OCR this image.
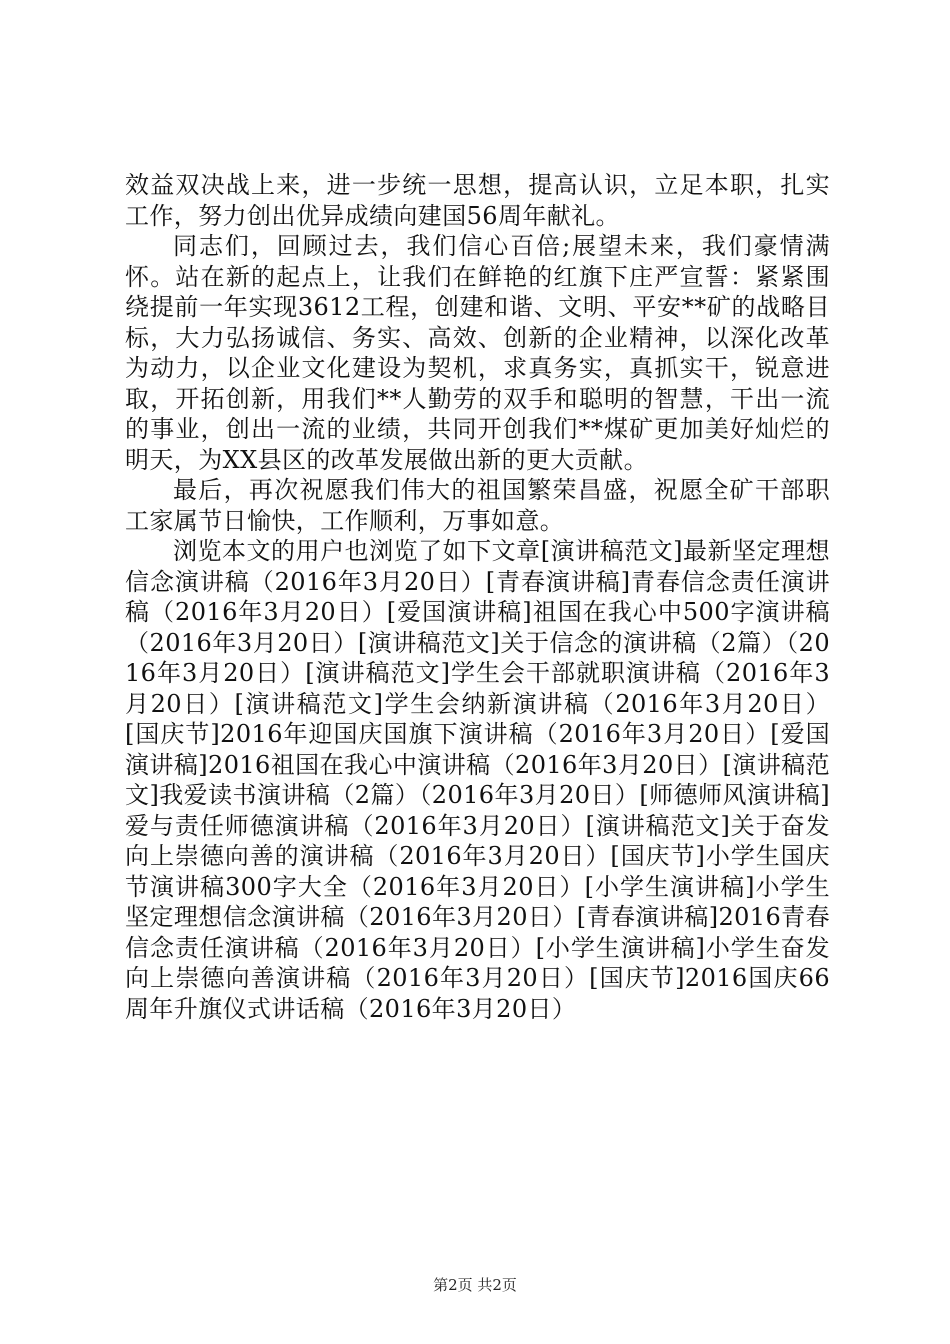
效益双决战上来，进一步统一思想，提高认识，立足本职，扎实工作，努力创出优异成绩向建国56周年献礼。

同志们，回顾过去，我们信心百倍;展望未来，我们豪情满怀。站在新的起点上，让我们在鲜艳的红旗下庄严宣誓：紧紧围绕提前一年实现3612工程，创建和谐、文明、平安**矿的战略目标，大力弘扬诚信、务实、高效、创新的企业精神，以深化改革为动力，以企业文化建设为契机，求真务实，真抓实干，锐意进取，开拓创新，用我们**人勤劳的双手和聪明的智慧，干出一流的事业，创出一流的业绩，共同开创我们**煤矿更加美好灿烂的明天，为XX县区的改革发展做出新的更大贡献。

最后，再次祝愿我们伟大的祖国繁荣昌盛，祝愿全矿干部职工家属节日愉快，工作顺利，万事如意。

浏览本文的用户也浏览了如下文章[演讲稿范文]最新坚定理想信念演讲稿（2016年3月20日）[青春演讲稿]青春信念责任演讲稿（2016年3月20日）[爱国演讲稿]祖国在我心中500字演讲稿（2016年3月20日）[演讲稿范文]关于信念的演讲稿（2篇）（2016年3月20日）[演讲稿范文]学生会干部就职演讲稿（2016年3月20日）[演讲稿范文]学生会纳新演讲稿（2016年3月20日）[国庆节]2016年迎国庆国旗下演讲稿（2016年3月20日）[爱国演讲稿]2016祖国在我心中演讲稿（2016年3月20日）[演讲稿范文]我爱读书演讲稿（2篇）（2016年3月20日）[师德师风演讲稿]爱与责任师德演讲稿（2016年3月20日）[演讲稿范文]关于奋发向上崇德向善的演讲稿（2016年3月20日）[国庆节]小学生国庆节演讲稿300字大全（2016年3月20日）[小学生演讲稿]小学生坚定理想信念演讲稿（2016年3月20日）[青春演讲稿]2016青春信念责任演讲稿（2016年3月20日）[小学生演讲稿]小学生奋发向上崇德向善演讲稿（2016年3月20日）[国庆节]2016国庆66周年升旗仪式讲话稿（2016年3月20日）

第2页 共2页
